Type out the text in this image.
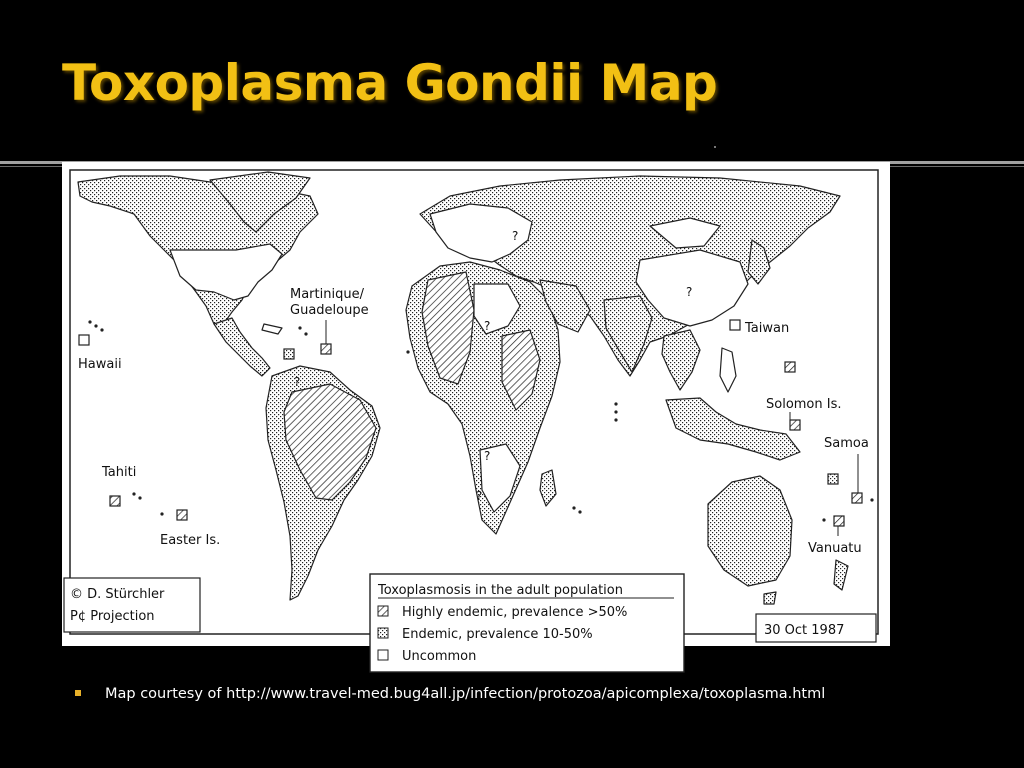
Toxoplasma Gondii Map
Martinique/
Guadeloupe
Hawaii
Tahiti
Easter Is.
Taiwan
Solomon Is.
Samoa
Vanuatu
?
?
?
?
?
?
© D. Stürchler
P¢ Projection
30 Oct 1987
Toxoplasmosis in the adult population
Highly endemic, prevalence >50%
Endemic, prevalence 10-50%
Uncommon
Map courtesy of http://www.travel-med.bug4all.jp/infection/protozoa/apicomplexa/toxoplasma.html
